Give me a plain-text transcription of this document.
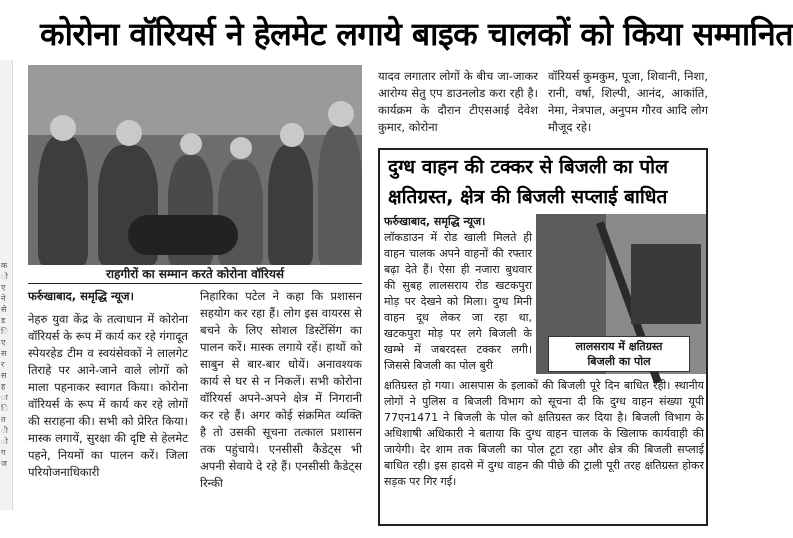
क
ो
ए
ने
से
ड
ि
ए
स
र
स
ह
ा
ि
त
ी
ो
ग
ज
कोरोना वॉरियर्स ने हेलमेट लगाये बाइक चालकों को किया सम्मानित
राहगीरों का सम्मान करते कोरोना वॉरियर्स

फर्रुखाबाद, समृद्धि न्यूज।

नेहरु युवा केंद्र के तत्वाधान में कोरोना वॉरियर्स के रूप में कार्य कर रहे गंगादूत स्पेयरहेड टीम व स्वयंसेवकों ने लालगेट तिराहे पर आने-जाने वाले लोगों को माला पहनाकर स्वागत किया। कोरोना वॉरियर्स के रूप में कार्य कर रहे लोगों की सराहना की। सभी को प्रेरित किया। मास्क लगायें, सुरक्षा की दृष्टि से हेलमेट पहने, नियमों का पालन करें। जिला परियोजनाधिकारी

निहारिका पटेल ने कहा कि प्रशासन सहयोग कर रहा हैं। लोग इस वायरस से बचने के लिए सोशल डिस्टेंसिंग का पालन करें। मास्क लगाये रहें। हाथों को साबुन से बार-बार धोयें। अनावश्यक कार्य से घर से न निकलें। सभी कोरोना वॉरियर्स अपने-अपने क्षेत्र में निगरानी कर रहे हैं। अगर कोई संक्रमित व्यक्ति है तो उसकी सूचना तत्काल प्रशासन तक पहुंचाये। एनसीसी कैडेट्स भी अपनी सेवाये दे रहे हैं। एनसीसी कैडेट्स रिन्की

यादव लगातार लोगों के बीच जा-जाकर आरोग्य सेतु एप डाउनलोड करा रही है। कार्यक्रम के दौरान टीएसआई देवेश कुमार, कोरोना

वॉरियर्स कुमकुम, पूजा, शिवानी, निशा, रानी, वर्षा, शिल्पी, आनंद, आकांति, नेमा, नेत्रपाल, अनुपम गौरव आदि लोग मौजूद रहे।

दुग्ध वाहन की टक्कर से बिजली का पोल
क्षतिग्रस्त, क्षेत्र की बिजली सप्लाई बाधित

फर्रुखाबाद, समृद्धि न्यूज।

लॉकडाउन में रोड खाली मिलते ही वाहन चालक अपने वाहनों की रफ्तार बढ़ा देते हैं। ऐसा ही नजारा बुधवार की सुबह लालसराय रोड खटकपुरा मोड़ पर देखने को मिला। दुग्ध मिनी वाहन दूध लेकर जा रहा था, खटकपुरा मोड़ पर लगे बिजली के खम्भे में जबरदस्त टक्कर लगी। जिससे बिजली का पोल बुरी

लालसराय में क्षतिग्रस्त
बिजली का पोल

क्षतिग्रस्त हो गया। आसपास के इलाकों की बिजली पूरे दिन बाधित रही। स्थानीय लोगों ने पुलिस व बिजली विभाग को सूचना दी कि दुग्ध वाहन संख्या यूपी 77एन1471 ने बिजली के पोल को क्षतिग्रस्त कर दिया है। बिजली विभाग के अधिशाषी अधिकारी ने बताया कि दुग्ध वाहन चालक के खिलाफ कार्यवाही की जायेगी। देर शाम तक बिजली का पोल टूटा रहा और क्षेत्र की बिजली सप्लाई बाधित रही। इस हादसे में दुग्ध वाहन की पीछे की ट्राली पूरी तरह क्षतिग्रस्त होकर सड़क पर गिर गई।
